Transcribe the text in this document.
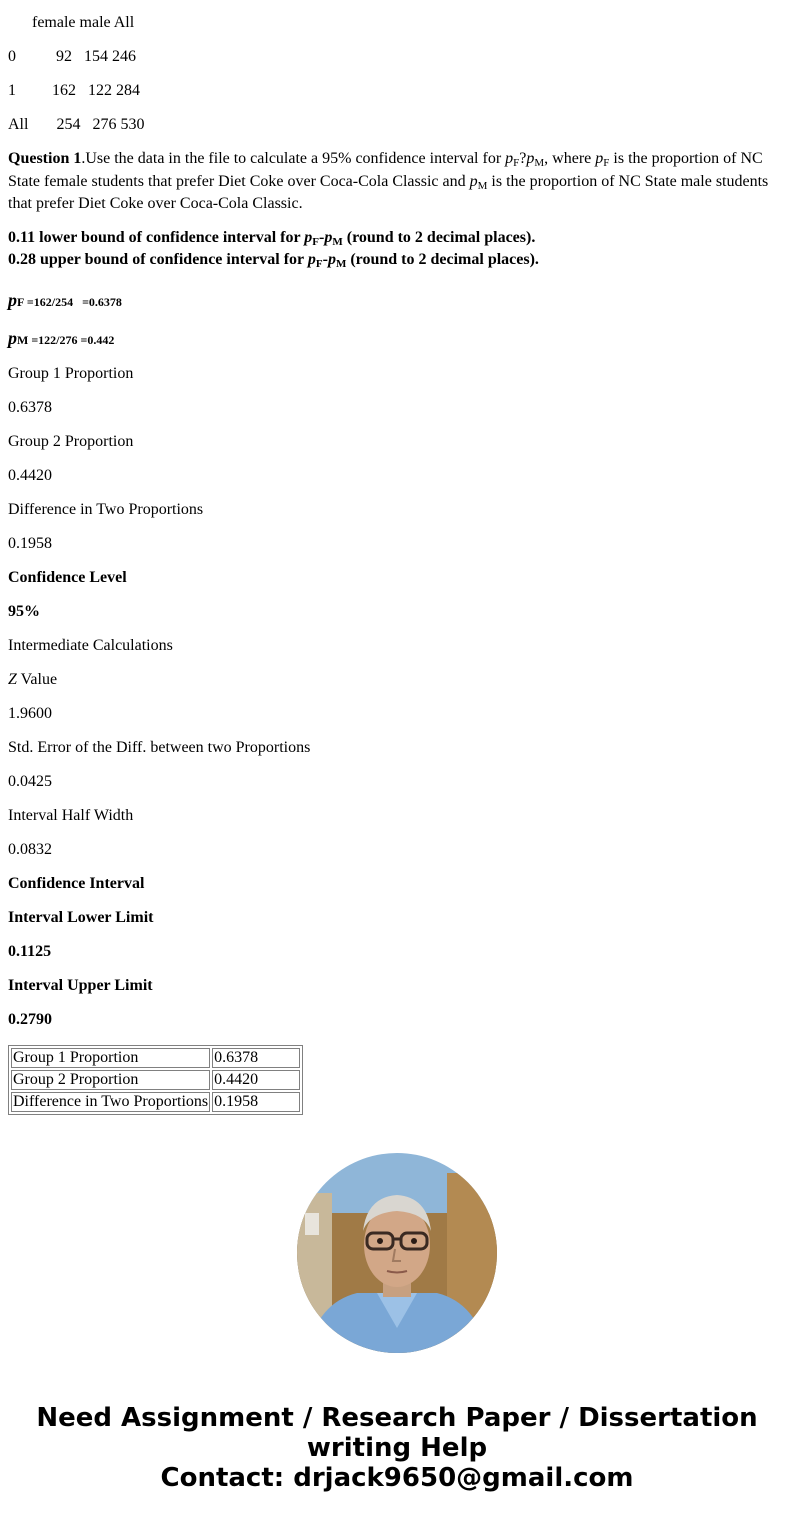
female male All
0          92   154 246
1         162   122 284
All       254   276 530
Question 1.Use the data in the file to calculate a 95% confidence interval for $p_F?p_M$, where $p_F$ is the proportion of NC State female students that prefer Diet Coke over Coca-Cola Classic and $p_M$ is the proportion of NC State male students that prefer Diet Coke over Coca-Cola Classic.
0.11 lower bound of confidence interval for $p_F-p_M$ (round to 2 decimal places).
0.28 upper bound of confidence interval for $p_F-p_M$ (round to 2 decimal places).
pF =162/254   =0.6378
pM =122/276 =0.442
Group 1 Proportion
0.6378
Group 2 Proportion
0.4420
Difference in Two Proportions
0.1958
Confidence Level
95%
Intermediate Calculations
Z Value
1.9600
Std. Error of the Diff. between two Proportions
0.0425
Interval Half Width
0.0832
Confidence Interval
Interval Lower Limit
0.1125
Interval Upper Limit
0.2790
Group 1 Proportion	0.6378
Group 2 Proportion	0.4420
Difference in Two Proportions	0.1958
Need Assignment / Research Paper / Dissertation
writing Help
Contact: drjack9650@gmail.com
